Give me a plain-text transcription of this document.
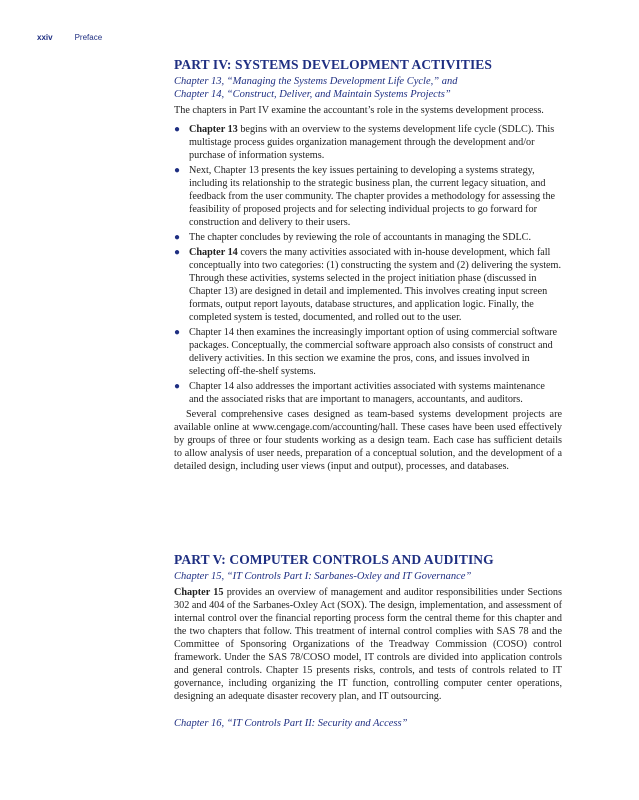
xxiv	Preface
PART IV: SYSTEMS DEVELOPMENT ACTIVITIES

Chapter 13, “Managing the Systems Development Life Cycle,” and

Chapter 14, “Construct, Deliver, and Maintain Systems Projects”

The chapters in Part IV examine the accountant’s role in the systems development process.

● Chapter 13 begins with an overview to the systems development life cycle (SDLC). This multistage process guides organization management through the development and/or purchase of information systems.
● Next, Chapter 13 presents the key issues pertaining to developing a systems strategy, including its relationship to the strategic business plan, the current legacy situation, and feedback from the user community. The chapter provides a methodology for assessing the feasibility of proposed projects and for selecting individual projects to go forward for construction and delivery to their users.
● The chapter concludes by reviewing the role of accountants in managing the SDLC.
● Chapter 14 covers the many activities associated with in-house development, which fall conceptually into two categories: (1) constructing the system and (2) delivering the system. Through these activities, systems selected in the project initiation phase (discussed in Chapter 13) are designed in detail and implemented. This involves creating input screen formats, output report layouts, database structures, and application logic. Finally, the completed system is tested, documented, and rolled out to the user.
● Chapter 14 then examines the increasingly important option of using commercial software packages. Conceptually, the commercial software approach also consists of construct and delivery activities. In this section we examine the pros, cons, and issues involved in selecting off-the-shelf systems.
● Chapter 14 also addresses the important activities associated with systems maintenance and the associated risks that are important to managers, accountants, and auditors.

Several comprehensive cases designed as team-based systems development projects are available online at www.cengage.com/accounting/hall. These cases have been used effectively by groups of three or four students working as a design team. Each case has sufficient details to allow analysis of user needs, preparation of a conceptual solution, and the development of a detailed design, including user views (input and output), processes, and databases.

PART V: COMPUTER CONTROLS AND AUDITING

Chapter 15, “IT Controls Part I: Sarbanes-Oxley and IT Governance”

Chapter 15 provides an overview of management and auditor responsibilities under Sections 302 and 404 of the Sarbanes-Oxley Act (SOX). The design, implementation, and assessment of internal control over the financial reporting process form the central theme for this chapter and the two chapters that follow. This treatment of internal control complies with SAS 78 and the Committee of Sponsoring Organizations of the Treadway Commission (COSO) control framework. Under the SAS 78/COSO model, IT controls are divided into application controls and general controls. Chapter 15 presents risks, controls, and tests of controls related to IT governance, including organizing the IT function, controlling computer center operations, designing an adequate disaster recovery plan, and IT outsourcing.

Chapter 16, “IT Controls Part II: Security and Access”
